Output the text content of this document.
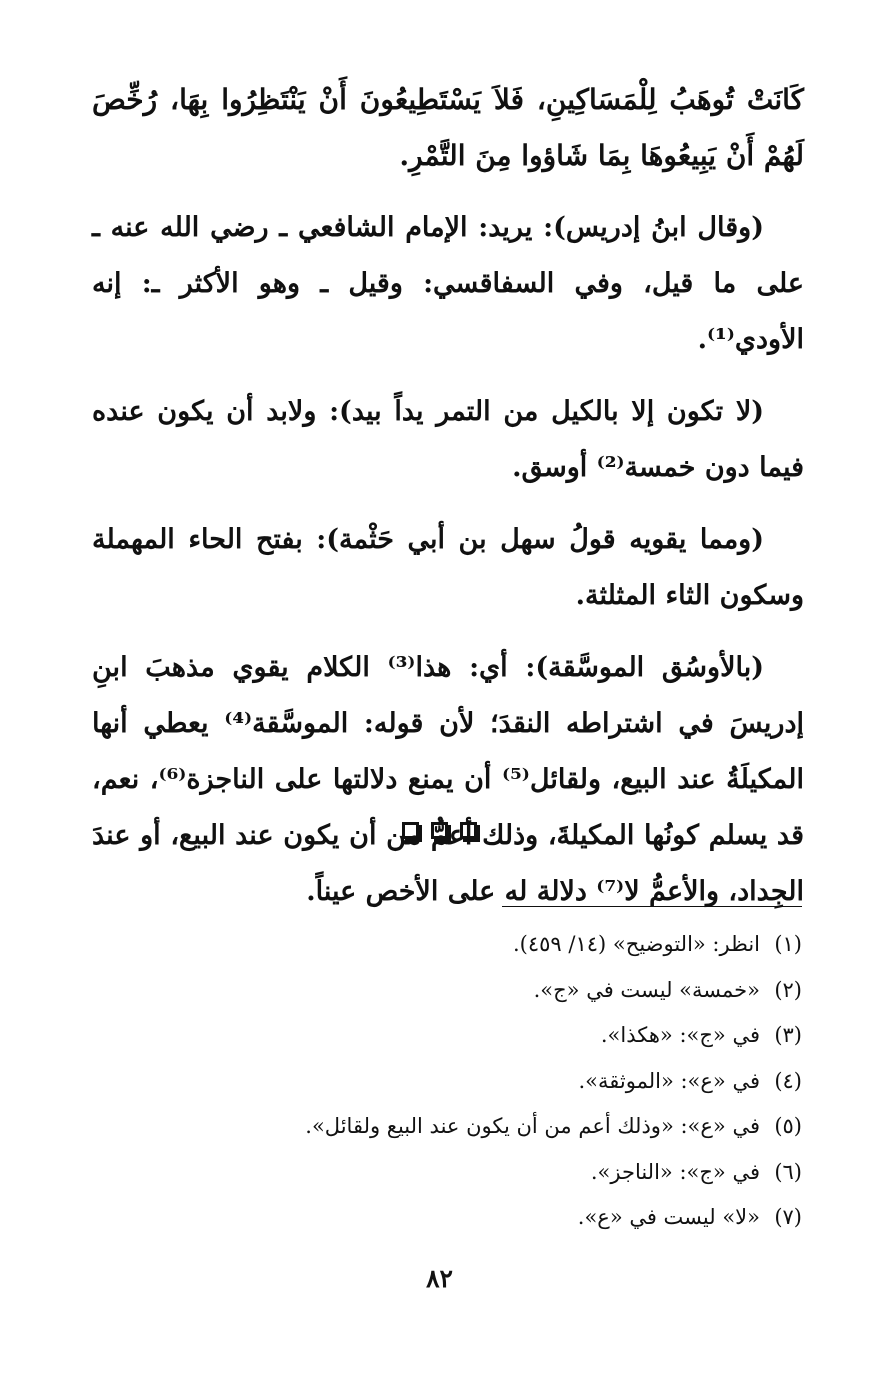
كَانَتْ تُوهَبُ لِلْمَسَاكِينِ، فَلاَ يَسْتَطِيعُونَ أَنْ يَنْتَظِرُوا بِهَا، رُخِّصَ لَهُمْ أَنْ يَبِيعُوهَا بِمَا شَاؤوا مِنَ التَّمْرِ.

(وقال ابنُ إدريس): يريد: الإمام الشافعي ـ رضي الله عنه ـ على ما قيل، وفي السفاقسي: وقيل ـ وهو الأكثر ـ: إنه الأودي⁽¹⁾.

(لا تكون إلا بالكيل من التمر يداً بيد): ولابد أن يكون عنده فيما دون خمسة⁽²⁾ أوسق.

(ومما يقويه قولُ سهل بن أبي حَثْمة): بفتح الحاء المهملة وسكون الثاء المثلثة.

(بالأوسُق الموسَّقة): أي: هذا⁽³⁾ الكلام يقوي مذهبَ ابنِ إدريسَ في اشتراطه النقدَ؛ لأن قوله: الموسَّقة⁽⁴⁾ يعطي أنها المكيلَةُ عند البيع، ولقائل⁽⁵⁾ أن يمنع دلالتها على الناجزة⁽⁶⁾، نعم، قد يسلم كونُها المكيلةَ، وذلك أعمُّ من أن يكون عند البيع، أو عندَ الجِداد، والأعمُّ لا⁽⁷⁾ دلالة له على الأخص عيناً.

(١)انظر: «التوضيح» (١٤/ ٤٥٩).

(٢)«خمسة» ليست في «ج».

(٣)في «ج»: «هكذا».

(٤)في «ع»: «الموثقة».

(٥)في «ع»: «وذلك أعم من أن يكون عند البيع ولقائل».

(٦)في «ج»: «الناجز».

(٧)«لا» ليست في «ع».

٨٢
